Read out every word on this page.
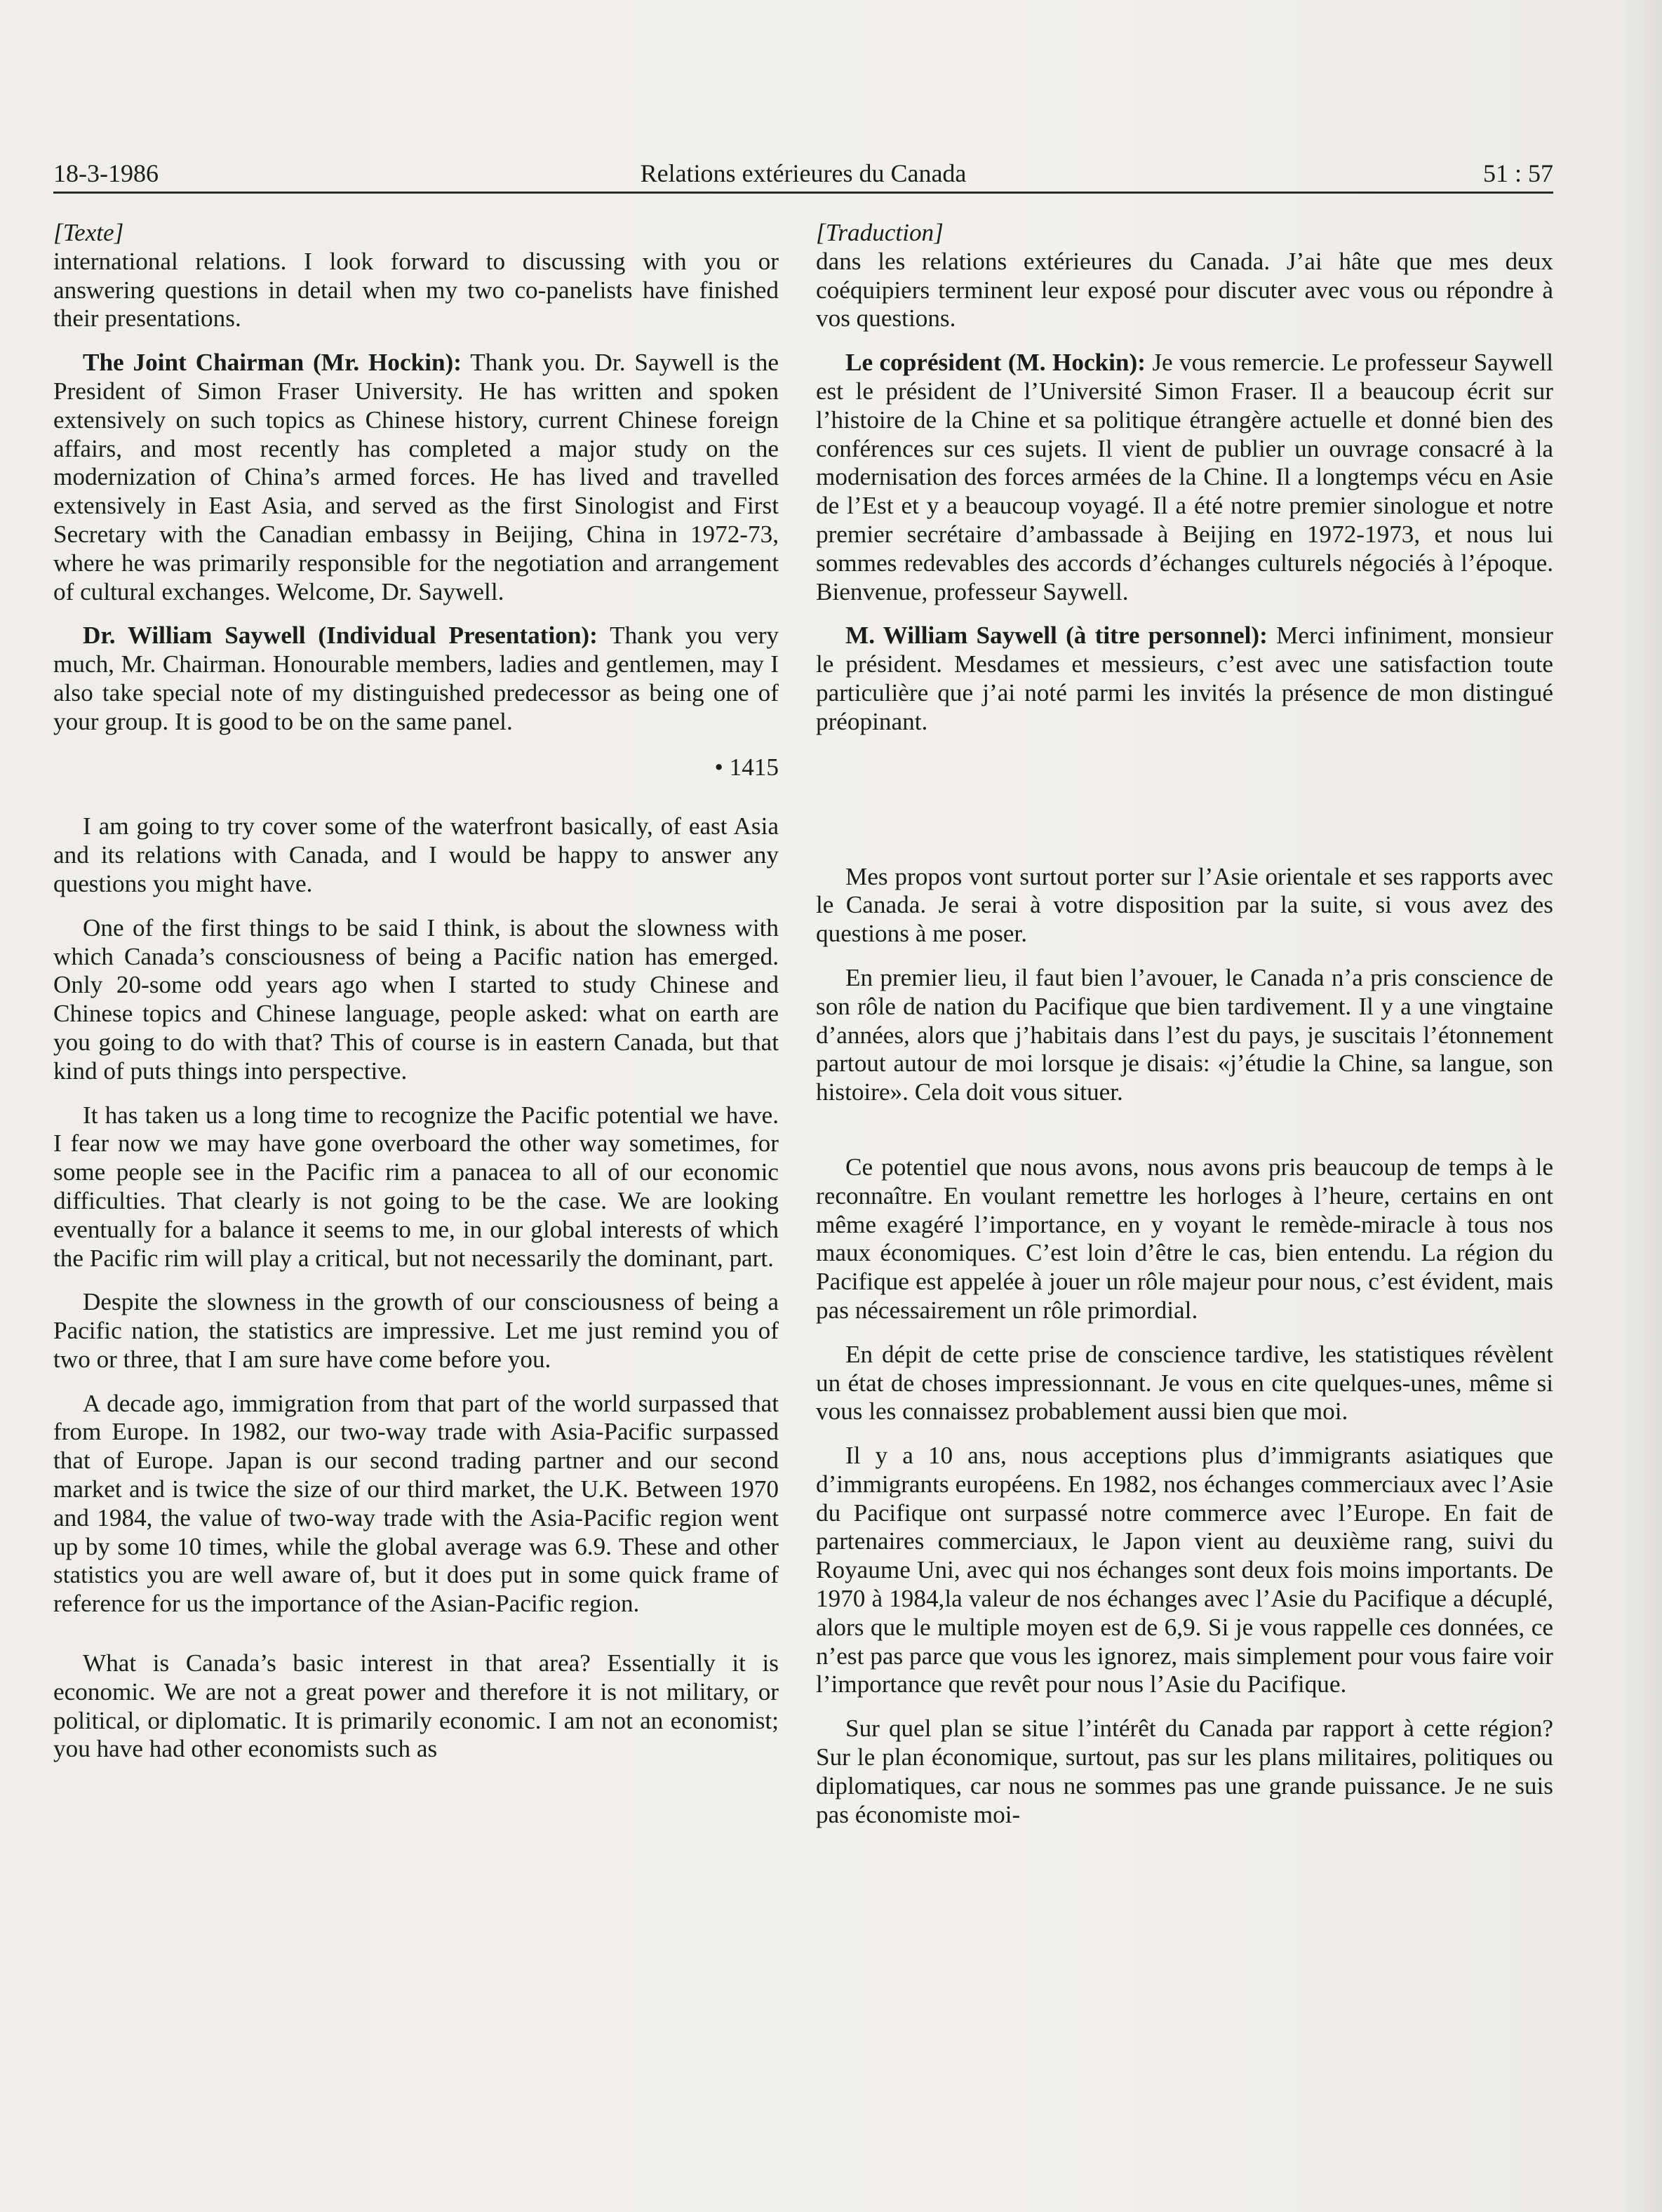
18-3-1986	Relations extérieures du Canada	51 : 57
[Texte]

international relations. I look forward to discussing with you or answering questions in detail when my two co-panelists have finished their presentations.

The Joint Chairman (Mr. Hockin): Thank you. Dr. Saywell is the President of Simon Fraser University. He has written and spoken extensively on such topics as Chinese history, current Chinese foreign affairs, and most recently has completed a major study on the modernization of China’s armed forces. He has lived and travelled extensively in East Asia, and served as the first Sinologist and First Secretary with the Canadian embassy in Beijing, China in 1972-73, where he was primarily responsible for the negotiation and arrangement of cultural exchanges. Welcome, Dr. Saywell.

Dr. William Saywell (Individual Presentation): Thank you very much, Mr. Chairman. Honourable members, ladies and gentlemen, may I also take special note of my distinguished predecessor as being one of your group. It is good to be on the same panel.

• 1415

I am going to try cover some of the waterfront basically, of east Asia and its relations with Canada, and I would be happy to answer any questions you might have.

One of the first things to be said I think, is about the slowness with which Canada’s consciousness of being a Pacific nation has emerged. Only 20-some odd years ago when I started to study Chinese and Chinese topics and Chinese language, people asked: what on earth are you going to do with that? This of course is in eastern Canada, but that kind of puts things into perspective.

It has taken us a long time to recognize the Pacific potential we have. I fear now we may have gone overboard the other way sometimes, for some people see in the Pacific rim a panacea to all of our economic difficulties. That clearly is not going to be the case. We are looking eventually for a balance it seems to me, in our global interests of which the Pacific rim will play a critical, but not necessarily the dominant, part.

Despite the slowness in the growth of our consciousness of being a Pacific nation, the statistics are impressive. Let me just remind you of two or three, that I am sure have come before you.

A decade ago, immigration from that part of the world surpassed that from Europe. In 1982, our two-way trade with Asia-Pacific surpassed that of Europe. Japan is our second trading partner and our second market and is twice the size of our third market, the U.K. Between 1970 and 1984, the value of two-way trade with the Asia-Pacific region went up by some 10 times, while the global average was 6.9. These and other statistics you are well aware of, but it does put in some quick frame of reference for us the importance of the Asian-Pacific region.

What is Canada’s basic interest in that area? Essentially it is economic. We are not a great power and therefore it is not military, or political, or diplomatic. It is primarily economic. I am not an economist; you have had other economists such as

[Traduction]

dans les relations extérieures du Canada. J’ai hâte que mes deux coéquipiers terminent leur exposé pour discuter avec vous ou répondre à vos questions.

Le coprésident (M. Hockin): Je vous remercie. Le professeur Saywell est le président de l’Université Simon Fraser. Il a beaucoup écrit sur l’histoire de la Chine et sa politique étrangère actuelle et donné bien des conférences sur ces sujets. Il vient de publier un ouvrage consacré à la modernisation des forces armées de la Chine. Il a longtemps vécu en Asie de l’Est et y a beaucoup voyagé. Il a été notre premier sinologue et notre premier secrétaire d’ambassade à Beijing en 1972-1973, et nous lui sommes redevables des accords d’échanges culturels négociés à l’époque. Bienvenue, professeur Saywell.

M. William Saywell (à titre personnel): Merci infiniment, monsieur le président. Mesdames et messieurs, c’est avec une satisfaction toute particulière que j’ai noté parmi les invités la présence de mon distingué préopinant.

Mes propos vont surtout porter sur l’Asie orientale et ses rapports avec le Canada. Je serai à votre disposition par la suite, si vous avez des questions à me poser.

En premier lieu, il faut bien l’avouer, le Canada n’a pris conscience de son rôle de nation du Pacifique que bien tardivement. Il y a une vingtaine d’années, alors que j’habitais dans l’est du pays, je suscitais l’étonnement partout autour de moi lorsque je disais: «j’étudie la Chine, sa langue, son histoire». Cela doit vous situer.

Ce potentiel que nous avons, nous avons pris beaucoup de temps à le reconnaître. En voulant remettre les horloges à l’heure, certains en ont même exagéré l’importance, en y voyant le remède-miracle à tous nos maux économiques. C’est loin d’être le cas, bien entendu. La région du Pacifique est appelée à jouer un rôle majeur pour nous, c’est évident, mais pas nécessairement un rôle primordial.

En dépit de cette prise de conscience tardive, les statistiques révèlent un état de choses impressionnant. Je vous en cite quelques-unes, même si vous les connaissez probablement aussi bien que moi.

Il y a 10 ans, nous acceptions plus d’immigrants asiatiques que d’immigrants européens. En 1982, nos échanges commerciaux avec l’Asie du Pacifique ont surpassé notre commerce avec l’Europe. En fait de partenaires commerciaux, le Japon vient au deuxième rang, suivi du Royaume Uni, avec qui nos échanges sont deux fois moins importants. De 1970 à 1984,la valeur de nos échanges avec l’Asie du Pacifique a décuplé, alors que le multiple moyen est de 6,9. Si je vous rappelle ces données, ce n’est pas parce que vous les ignorez, mais simplement pour vous faire voir l’importance que revêt pour nous l’Asie du Pacifique.

Sur quel plan se situe l’intérêt du Canada par rapport à cette région? Sur le plan économique, surtout, pas sur les plans militaires, politiques ou diplomatiques, car nous ne sommes pas une grande puissance. Je ne suis pas économiste moi-
